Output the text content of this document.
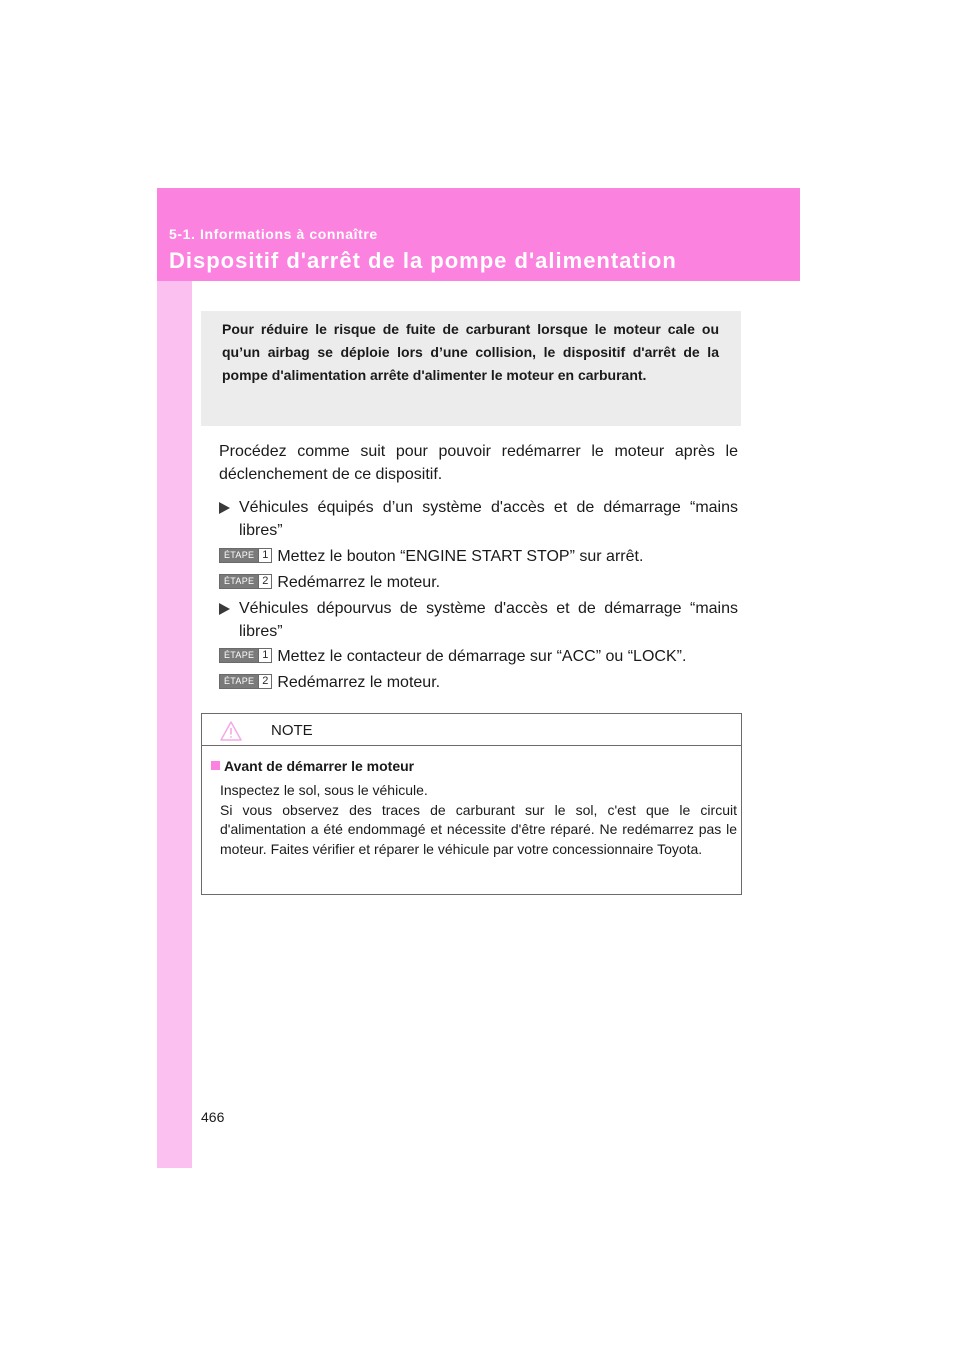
5-1. Informations à connaître
Dispositif d'arrêt de la pompe d'alimentation

Pour réduire le risque de fuite de carburant lorsque le moteur cale ou qu’un airbag se déploie lors d’une collision, le dispositif d'arrêt de la pompe d'alimentation arrête d'alimenter le moteur en carburant.

Procédez comme suit pour pouvoir redémarrer le moteur après le déclenchement de ce dispositif.
Véhicules équipés d’un système d'accès et de démarrage “mains libres”
ÉTAPE 1 Mettez le bouton “ENGINE START STOP” sur arrêt.
ÉTAPE 2 Redémarrez le moteur.
Véhicules dépourvus de système d'accès et de démarrage “mains libres”
ÉTAPE 1 Mettez le contacteur de démarrage sur “ACC” ou “LOCK”.
ÉTAPE 2 Redémarrez le moteur.
NOTE
Avant de démarrer le moteur

Inspectez le sol, sous le véhicule.

Si vous observez des traces de carburant sur le sol, c'est que le circuit d'alimentation a été endommagé et nécessite d'être réparé. Ne redémarrez pas le moteur. Faites vérifier et réparer le véhicule par votre concessionnaire Toyota.

466
